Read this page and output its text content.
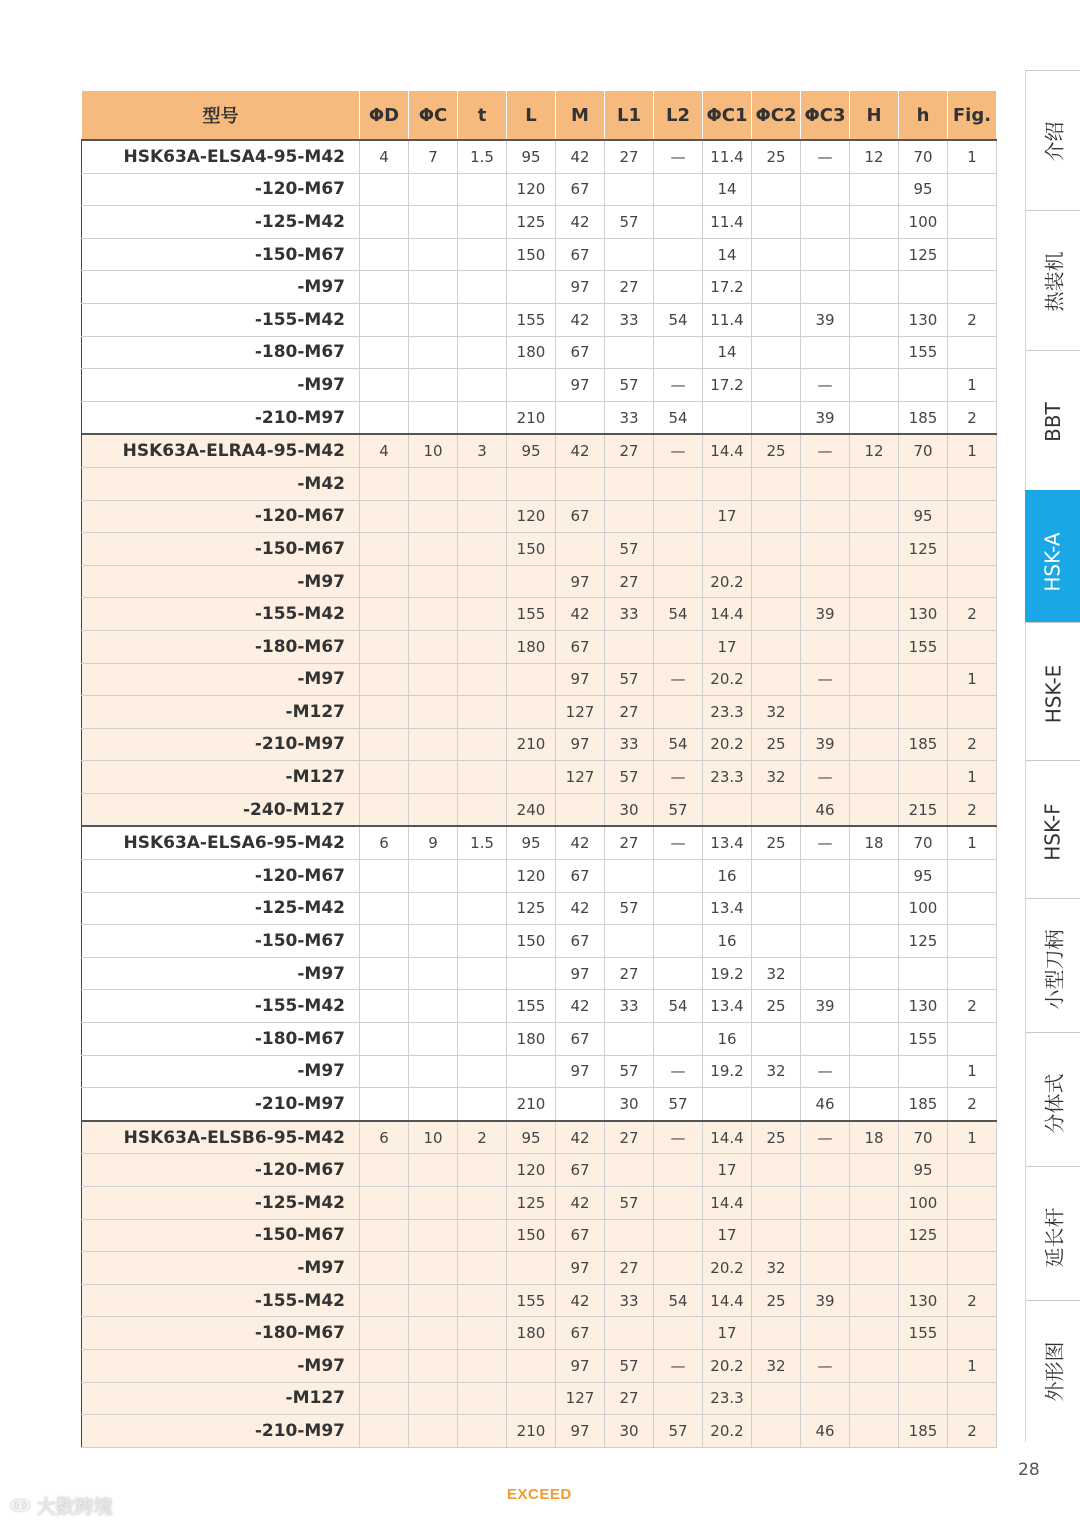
型号	ΦD	ΦC	t	L	M	L1	L2	ΦC1	ΦC2	ΦC3	H	h	Fig.
HSK63A-ELSA4-95-M42	4	7	1.5	95	42	27	—	11.4	25	—	12	70	1
-120-M67				120	67			14				95	
-125-M42				125	42	57		11.4				100	
-150-M67				150	67			14				125	
-M97					97	27		17.2					
-155-M42				155	42	33	54	11.4		39		130	2
-180-M67				180	67			14				155	
-M97					97	57	—	17.2		—			1
-210-M97				210		33	54			39		185	2
HSK63A-ELRA4-95-M42	4	10	3	95	42	27	—	14.4	25	—	12	70	1
-M42													
-120-M67				120	67			17				95	
-150-M67				150		57						125	
-M97					97	27		20.2					
-155-M42				155	42	33	54	14.4		39		130	2
-180-M67				180	67			17				155	
-M97					97	57	—	20.2		—			1
-M127					127	27		23.3	32				
-210-M97				210	97	33	54	20.2	25	39		185	2
-M127					127	57	—	23.3	32	—			1
-240-M127				240		30	57			46		215	2
HSK63A-ELSA6-95-M42	6	9	1.5	95	42	27	—	13.4	25	—	18	70	1
-120-M67				120	67			16				95	
-125-M42				125	42	57		13.4				100	
-150-M67				150	67			16				125	
-M97					97	27		19.2	32				
-155-M42				155	42	33	54	13.4	25	39		130	2
-180-M67				180	67			16				155	
-M97					97	57	—	19.2	32	—			1
-210-M97				210		30	57			46		185	2
HSK63A-ELSB6-95-M42	6	10	2	95	42	27	—	14.4	25	—	18	70	1
-120-M67				120	67			17				95	
-125-M42				125	42	57		14.4				100	
-150-M67				150	67			17				125	
-M97					97	27		20.2	32				
-155-M42				155	42	33	54	14.4	25	39		130	2
-180-M67				180	67			17				155	
-M97					97	57	—	20.2	32	—			1
-M127					127	27		23.3					
-210-M97				210	97	30	57	20.2		46		185	2
介绍
热装机
BBT
HSK-A
HSK-E
HSK-F
小型刀柄
分体式
延长杆
外形图
28
EXCEED
ↂ 大数跨境
